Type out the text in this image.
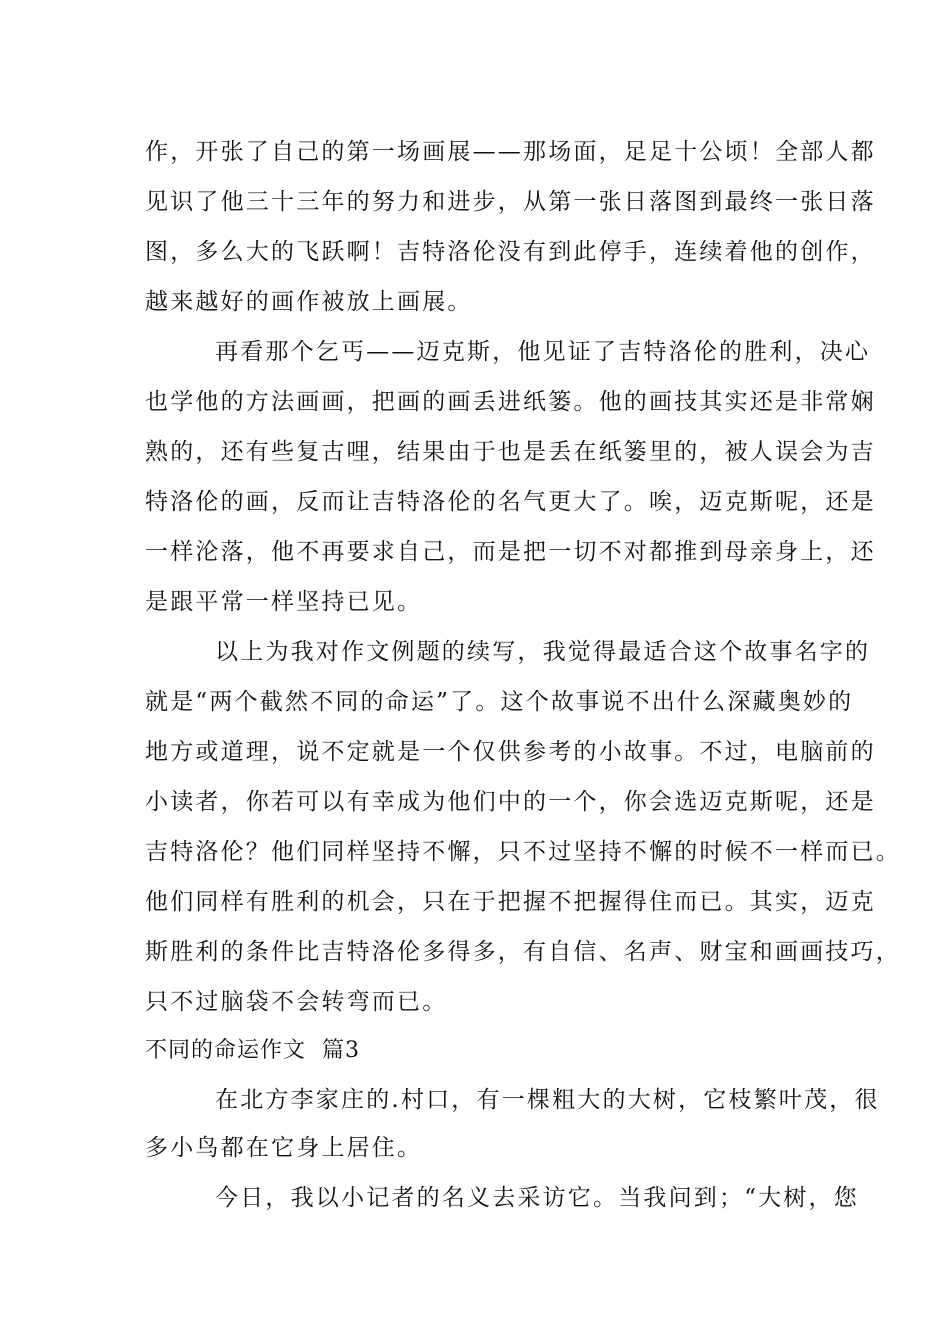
作，开张了自己的第一场画展——那场面，足足十公顷！全部人都
见识了他三十三年的努力和进步，从第一张日落图到最终一张日落
图，多么大的飞跃啊！吉特洛伦没有到此停手，连续着他的创作，
越来越好的画作被放上画展。
再看那个乞丐——迈克斯，他见证了吉特洛伦的胜利，决心
也学他的方法画画，把画的画丢进纸篓。他的画技其实还是非常娴
熟的，还有些复古哩，结果由于也是丢在纸篓里的，被人误会为吉
特洛伦的画，反而让吉特洛伦的名气更大了。唉，迈克斯呢，还是
一样沦落，他不再要求自己，而是把一切不对都推到母亲身上，还
是跟平常一样坚持已见。
以上为我对作文例题的续写，我觉得最适合这个故事名字的
就是“两个截然不同的命运”了。这个故事说不出什么深藏奥妙的
地方或道理，说不定就是一个仅供参考的小故事。不过，电脑前的
小读者，你若可以有幸成为他们中的一个，你会选迈克斯呢，还是
吉特洛伦？他们同样坚持不懈，只不过坚持不懈的时候不一样而已。
他们同样有胜利的机会，只在于把握不把握得住而已。其实，迈克
斯胜利的条件比吉特洛伦多得多，有自信、名声、财宝和画画技巧，
只不过脑袋不会转弯而已。
不同的命运作文  篇3
在北方李家庄的.村口，有一棵粗大的大树，它枝繁叶茂，很
多小鸟都在它身上居住。
今日，我以小记者的名义去采访它。当我问到；“大树，您
